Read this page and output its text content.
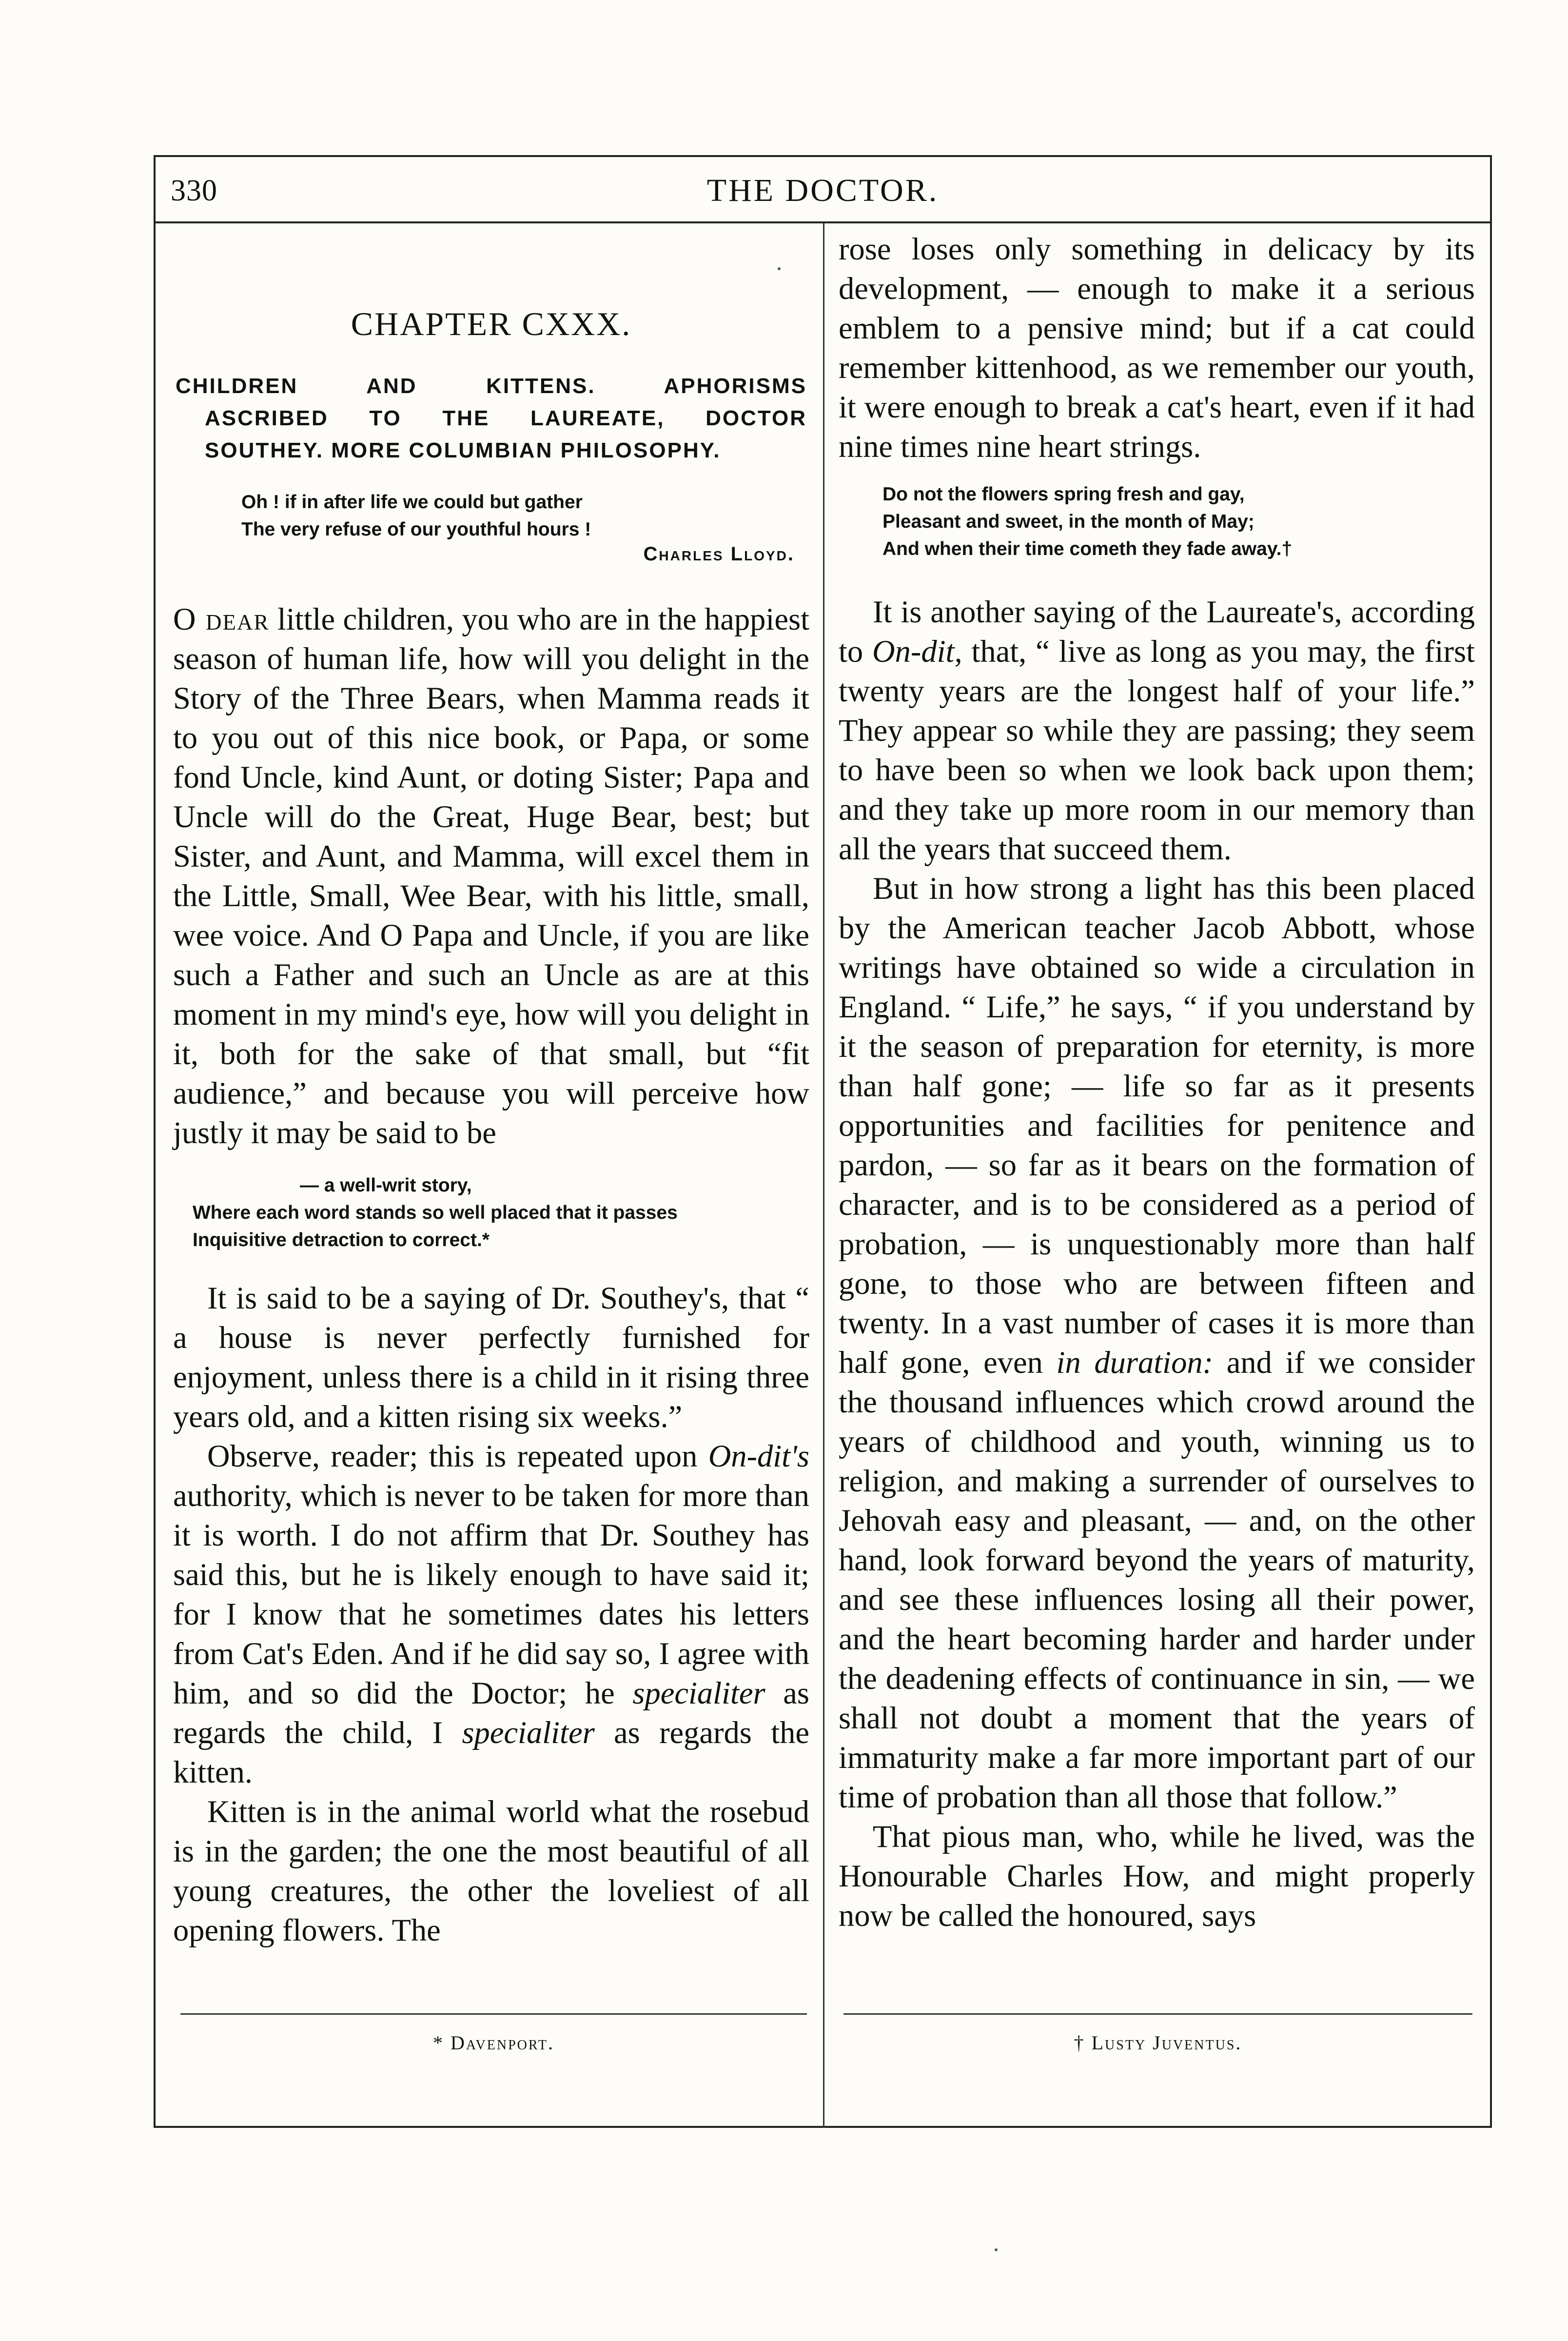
330	THE DOCTOR.
CHAPTER CXXX.
CHILDREN AND KITTENS. APHORISMS
ASCRIBED TO THE LAUREATE, DOCTOR
SOUTHEY. MORE COLUMBIAN PHILOSOPHY.

Oh ! if in after life we could but gather

The very refuse of our youthful hours !

Charles Lloyd.

O dear little children, you who are in the happiest season of human life, how will you delight in the Story of the Three Bears, when Mamma reads it to you out of this nice book, or Papa, or some fond Uncle, kind Aunt, or doting Sister; Papa and Uncle will do the Great, Huge Bear, best; but Sister, and Aunt, and Mamma, will excel them in the Little, Small, Wee Bear, with his little, small, wee voice. And O Papa and Uncle, if you are like such a Father and such an Uncle as are at this moment in my mind's eye, how will you delight in it, both for the sake of that small, but “fit audience,” and because you will perceive how justly it may be said to be

— a well-writ story,

Where each word stands so well placed that it passes

Inquisitive detraction to correct.*

It is said to be a saying of Dr. Southey's, that “ a house is never perfectly furnished for enjoyment, unless there is a child in it rising three years old, and a kitten rising six weeks.”

Observe, reader; this is repeated upon On-dit's authority, which is never to be taken for more than it is worth. I do not affirm that Dr. Southey has said this, but he is likely enough to have said it; for I know that he sometimes dates his letters from Cat's Eden. And if he did say so, I agree with him, and so did the Doctor; he specialiter as regards the child, I specialiter as regards the kitten.

Kitten is in the animal world what the rosebud is in the garden; the one the most beautiful of all young creatures, the other the loveliest of all opening flowers. The

rose loses only something in delicacy by its development, — enough to make it a serious emblem to a pensive mind; but if a cat could remember kittenhood, as we remember our youth, it were enough to break a cat's heart, even if it had nine times nine heart strings.

Do not the flowers spring fresh and gay,

Pleasant and sweet, in the month of May;

And when their time cometh they fade away.†

It is another saying of the Laureate's, according to On-dit, that, “ live as long as you may, the first twenty years are the longest half of your life.” They appear so while they are passing; they seem to have been so when we look back upon them; and they take up more room in our memory than all the years that succeed them.

But in how strong a light has this been placed by the American teacher Jacob Abbott, whose writings have obtained so wide a circulation in England. “ Life,” he says, “ if you understand by it the season of preparation for eternity, is more than half gone; — life so far as it presents opportunities and facilities for penitence and pardon, — so far as it bears on the formation of character, and is to be considered as a period of probation, — is unquestionably more than half gone, to those who are between fifteen and twenty. In a vast number of cases it is more than half gone, even in duration: and if we consider the thousand influences which crowd around the years of childhood and youth, winning us to religion, and making a surrender of ourselves to Jehovah easy and pleasant, — and, on the other hand, look forward beyond the years of maturity, and see these influences losing all their power, and the heart becoming harder and harder under the deadening effects of continuance in sin, — we shall not doubt a moment that the years of immaturity make a far more important part of our time of probation than all those that follow.”

That pious man, who, while he lived, was the Honourable Charles How, and might properly now be called the honoured, says

* Davenport.	† Lusty Juventus.
